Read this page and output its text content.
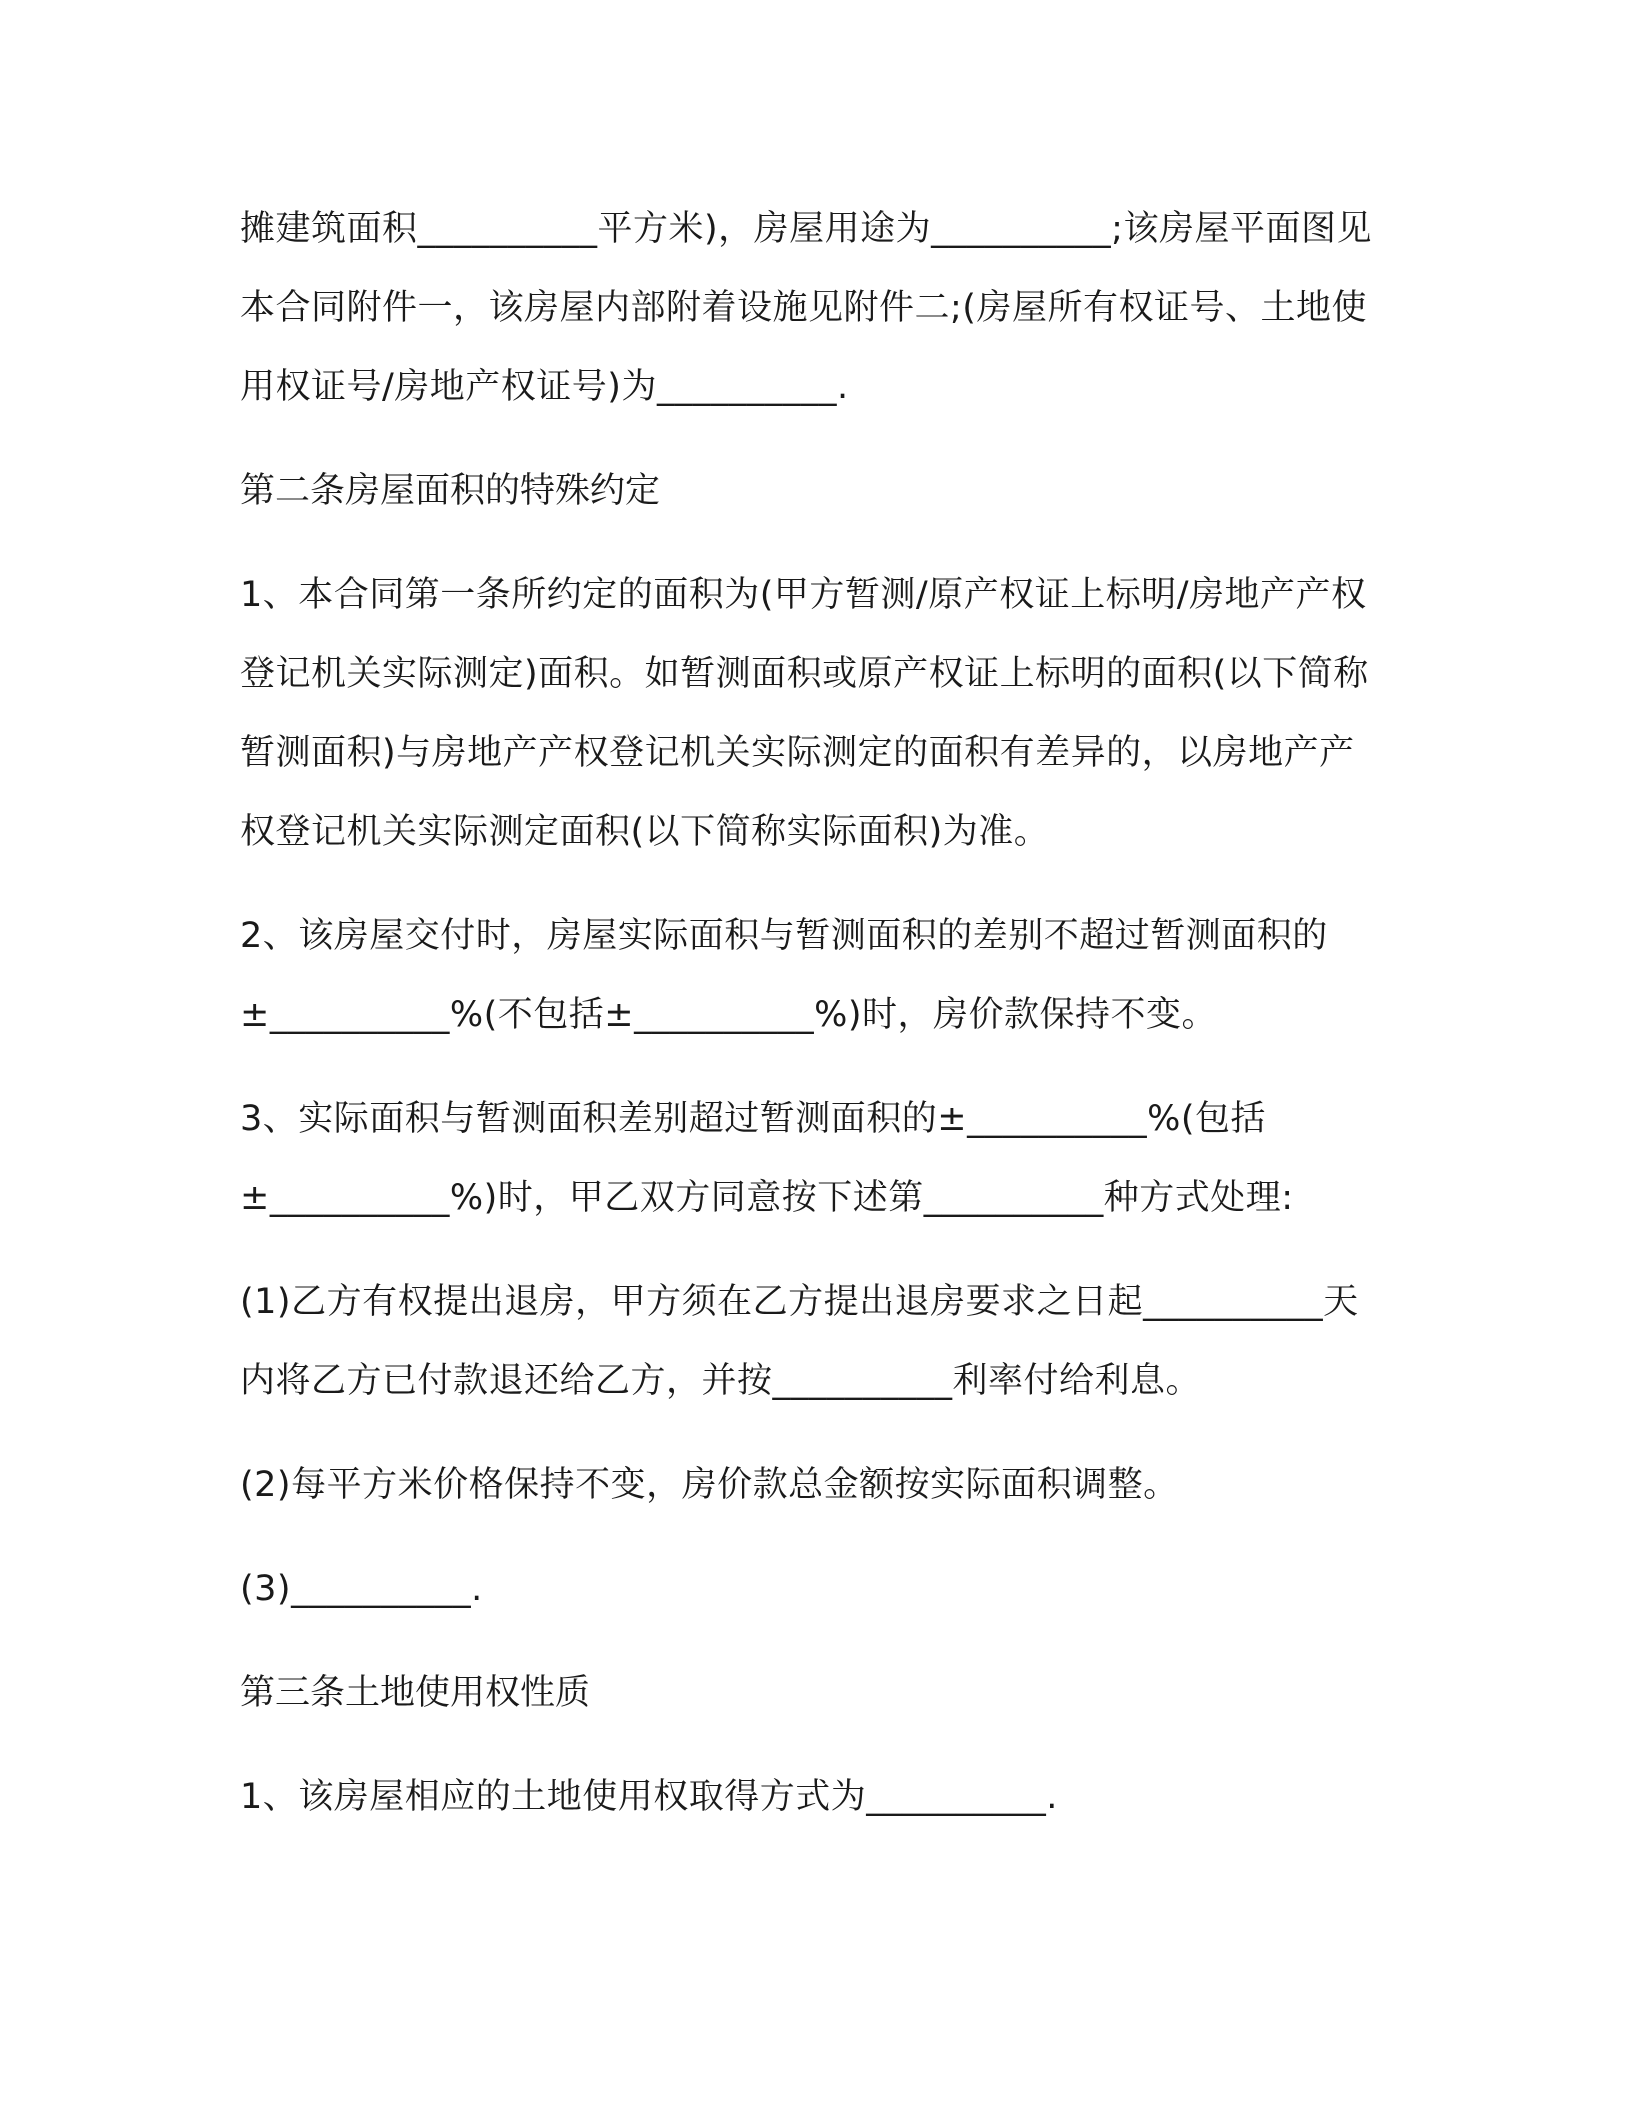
摊建筑面积__________平方米)，房屋用途为__________;该房屋平面图见本合同附件一，该房屋内部附着设施见附件二;(房屋所有权证号、土地使用权证号/房地产权证号)为__________.

第二条房屋面积的特殊约定

1、本合同第一条所约定的面积为(甲方暂测/原产权证上标明/房地产产权登记机关实际测定)面积。如暂测面积或原产权证上标明的面积(以下简称暂测面积)与房地产产权登记机关实际测定的面积有差异的，以房地产产权登记机关实际测定面积(以下简称实际面积)为准。

2、该房屋交付时，房屋实际面积与暂测面积的差别不超过暂测面积的±__________%(不包括±__________%)时，房价款保持不变。

3、实际面积与暂测面积差别超过暂测面积的±__________%(包括±__________%)时，甲乙双方同意按下述第__________种方式处理:

(1)乙方有权提出退房，甲方须在乙方提出退房要求之日起__________天内将乙方已付款退还给乙方，并按__________利率付给利息。

(2)每平方米价格保持不变，房价款总金额按实际面积调整。

(3)__________.

第三条土地使用权性质

1、该房屋相应的土地使用权取得方式为__________.
